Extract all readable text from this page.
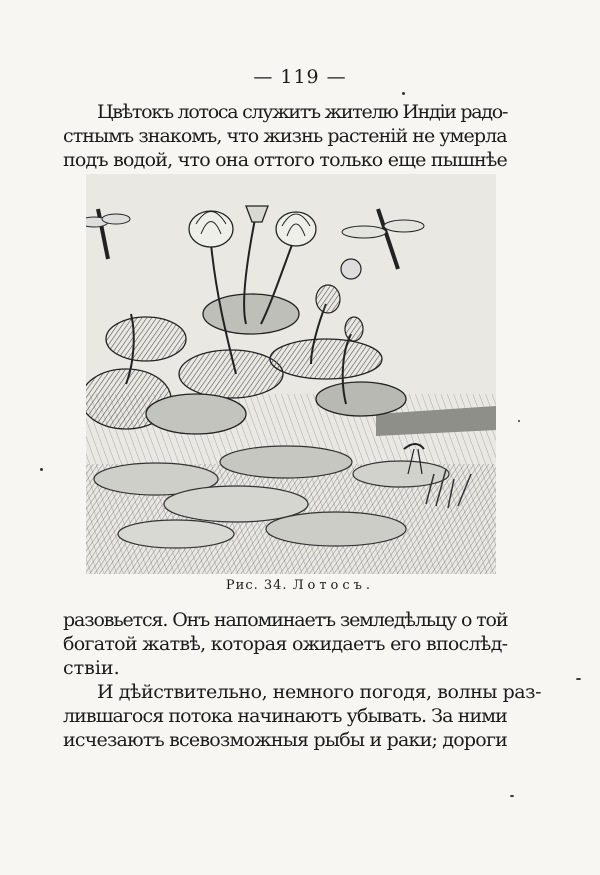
— 119 —
Цвѣтокъ лотоса служитъ жителю Индіи радо-
стнымъ знакомъ, что жизнь растеній не умерла
подъ водой, что она оттого только еще пышнѣе
Рис. 34. Лотосъ.
разовьется. Онъ напоминаетъ земледѣльцу о той
богатой жатвѣ, которая ожидаетъ его впослѣд-
ствіи.
И дѣйствительно, немного погодя, волны раз-
лившагося потока начинаютъ убывать. За ними
исчезаютъ всевозможныя рыбы и раки; дороги
